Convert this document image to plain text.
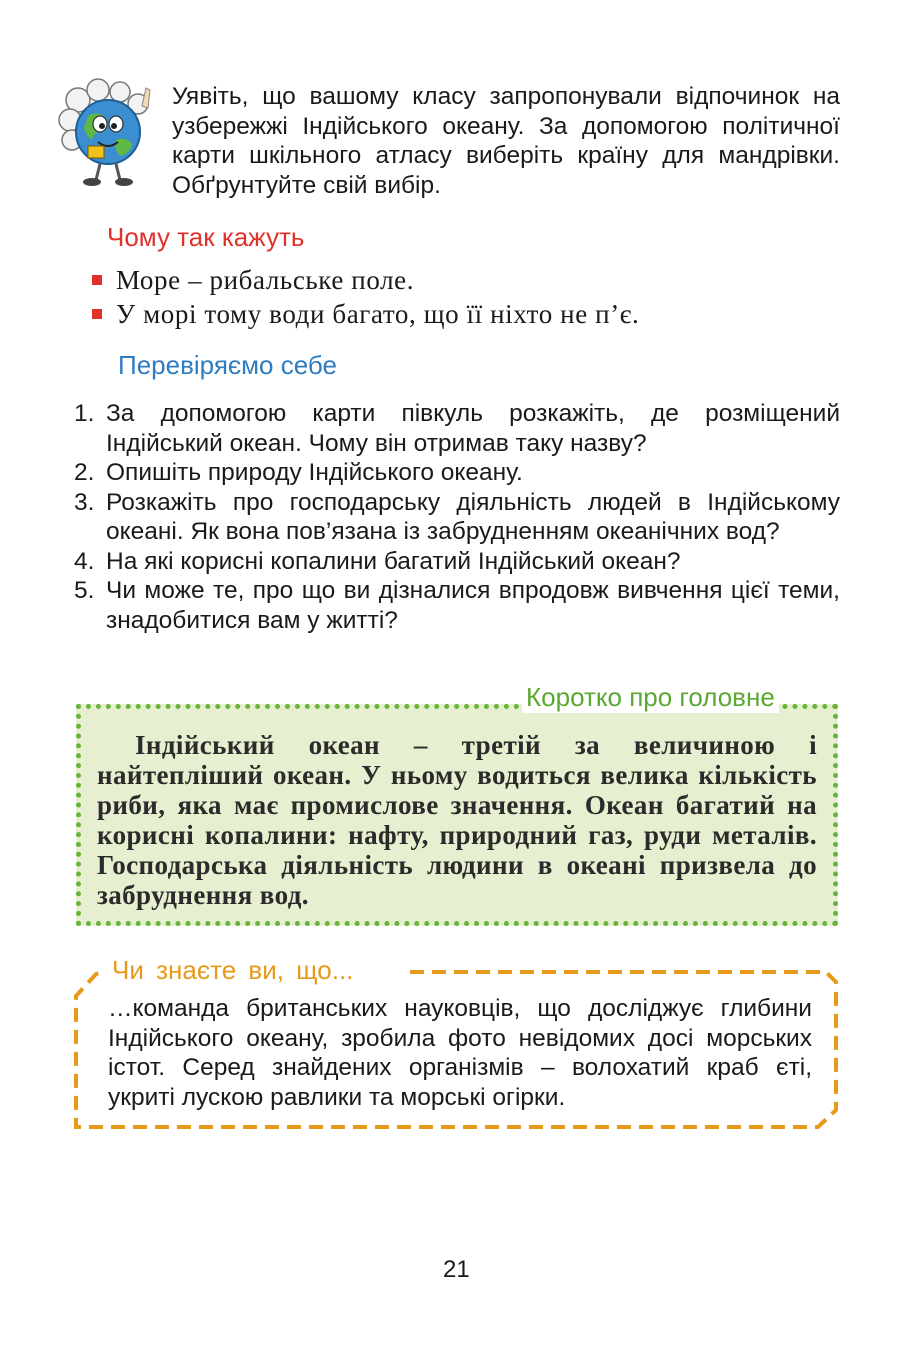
Уявіть, що вашому класу запропонували відпочинок на узбережжі Індійського океану. За допомогою політичної карти шкільного атласу виберіть країну для мандрівки. Обґрунтуйте свій вибір.
Чому так кажуть
Море – рибальське поле.
У морі тому води багато, що її ніхто не п’є.
Перевіряємо себе
1. За допомогою карти півкуль розкажіть, де розміщений Індійський океан. Чому він отримав таку назву?
2. Опишіть природу Індійського океану.
3. Розкажіть про господарську діяльність людей в Індійському океані. Як вона пов’язана із забрудненням океанічних вод?
4. На які корисні копалини багатий Індійський океан?
5. Чи може те, про що ви дізналися впродовж вивчення цієї теми, знадобитися вам у житті?
Коротко про головне
Індійський океан – третій за величиною і найтепліший океан. У ньому водиться велика кількість риби, яка має промислове значення. Океан багатий на корисні копалини: нафту, природний газ, руди металів. Господарська діяльність людини в океані призвела до забруднення вод.
Чи знаєте ви, що...
…команда британських науковців, що досліджує глибини Індійського океану, зробила фото невідомих досі морських істот. Серед знайдених організмів – волохатий краб єті, укриті лускою равлики та морські огірки.
21
